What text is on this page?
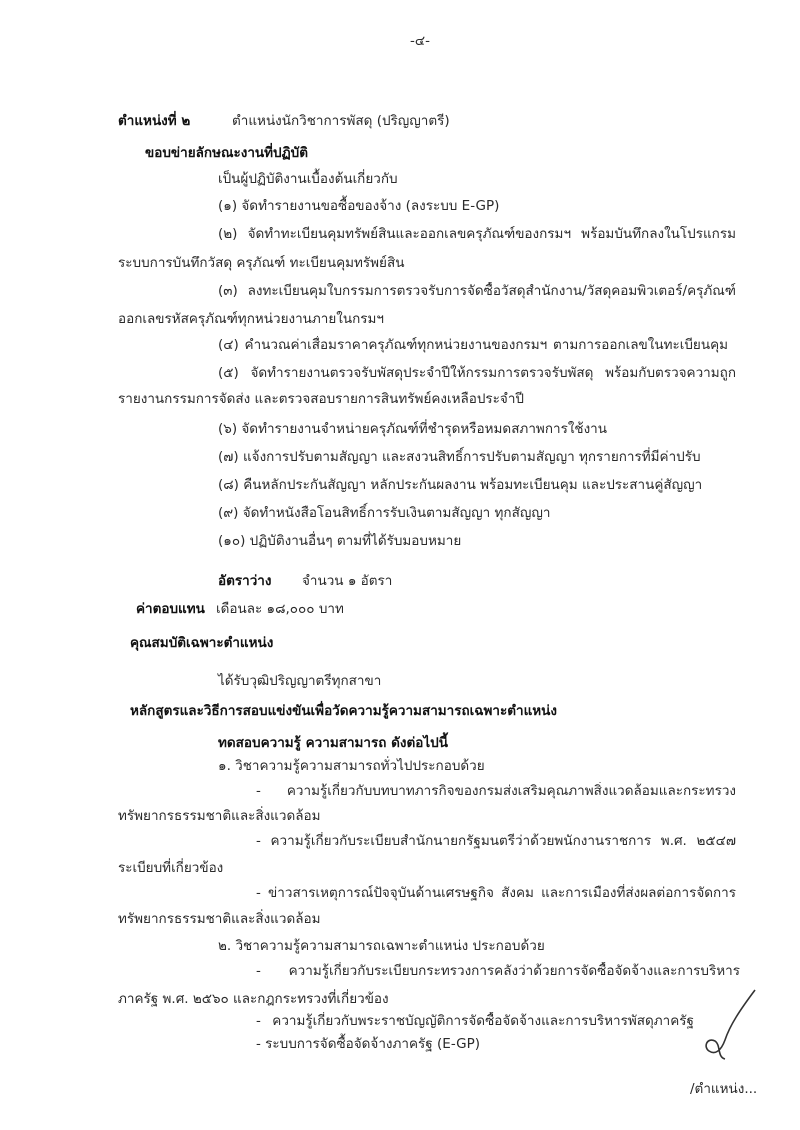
-๔-
ตำแหน่งที่ ๒	ตำแหน่งนักวิชาการพัสดุ (ปริญญาตรี)
ขอบข่ายลักษณะงานที่ปฏิบัติ
เป็นผู้ปฏิบัติงานเบื้องต้นเกี่ยวกับ
(๑) จัดทำรายงานขอซื้อของจ้าง (ลงระบบ E-GP)
(๒) จัดทำทะเบียนคุมทรัพย์สินและออกเลขครุภัณฑ์ของกรมฯ พร้อมบันทึกลงในโปรแกรม
ระบบการบันทึกวัสดุ ครุภัณฑ์ ทะเบียนคุมทรัพย์สิน
(๓) ลงทะเบียนคุมใบกรรมการตรวจรับการจัดซื้อวัสดุสำนักงาน/วัสดุคอมพิวเตอร์/ครุภัณฑ์
ออกเลขรหัสครุภัณฑ์ทุกหน่วยงานภายในกรมฯ
(๔) คำนวณค่าเสื่อมราคาครุภัณฑ์ทุกหน่วยงานของกรมฯ ตามการออกเลขในทะเบียนคุม
(๕) จัดทำรายงานตรวจรับพัสดุประจำปีให้กรรมการตรวจรับพัสดุ พร้อมกับตรวจความถูก
รายงานกรรมการจัดส่ง และตรวจสอบรายการสินทรัพย์คงเหลือประจำปี
(๖) จัดทำรายงานจำหน่ายครุภัณฑ์ที่ชำรุดหรือหมดสภาพการใช้งาน
(๗) แจ้งการปรับตามสัญญา และสงวนสิทธิ์การปรับตามสัญญา ทุกรายการที่มีค่าปรับ
(๘) คืนหลักประกันสัญญา หลักประกันผลงาน พร้อมทะเบียนคุม และประสานคู่สัญญา
(๙) จัดทำหนังสือโอนสิทธิ์การรับเงินตามสัญญา ทุกสัญญา
(๑๐) ปฏิบัติงานอื่นๆ ตามที่ได้รับมอบหมาย
อัตราว่าง จำนวน ๑ อัตรา
ค่าตอบแทน เดือนละ ๑๘,๐๐๐ บาท
คุณสมบัติเฉพาะตำแหน่ง
ได้รับวุฒิปริญญาตรีทุกสาขา
หลักสูตรและวิธีการสอบแข่งขันเพื่อวัดความรู้ความสามารถเฉพาะตำแหน่ง
ทดสอบความรู้ ความสามารถ ดังต่อไปนี้
๑. วิชาความรู้ความสามารถทั่วไปประกอบด้วย
- ความรู้เกี่ยวกับบทบาทภารกิจของกรมส่งเสริมคุณภาพสิ่งแวดล้อมและกระทรวง
ทรัพยากรธรรมชาติและสิ่งแวดล้อม
- ความรู้เกี่ยวกับระเบียบสำนักนายกรัฐมนตรีว่าด้วยพนักงานราชการ พ.ศ. ๒๕๔๗
ระเบียบที่เกี่ยวข้อง
- ข่าวสารเหตุการณ์ปัจจุบันด้านเศรษฐกิจ สังคม และการเมืองที่ส่งผลต่อการจัดการ
ทรัพยากรธรรมชาติและสิ่งแวดล้อม
๒. วิชาความรู้ความสามารถเฉพาะตำแหน่ง ประกอบด้วย
- ความรู้เกี่ยวกับระเบียบกระทรวงการคลังว่าด้วยการจัดซื้อจัดจ้างและการบริหาร
ภาครัฐ พ.ศ. ๒๕๖๐ และกฎกระทรวงที่เกี่ยวข้อง
- ความรู้เกี่ยวกับพระราชบัญญัติการจัดซื้อจัดจ้างและการบริหารพัสดุภาครัฐ
- ระบบการจัดซื้อจัดจ้างภาครัฐ (E-GP)
/ตำแหน่ง...
